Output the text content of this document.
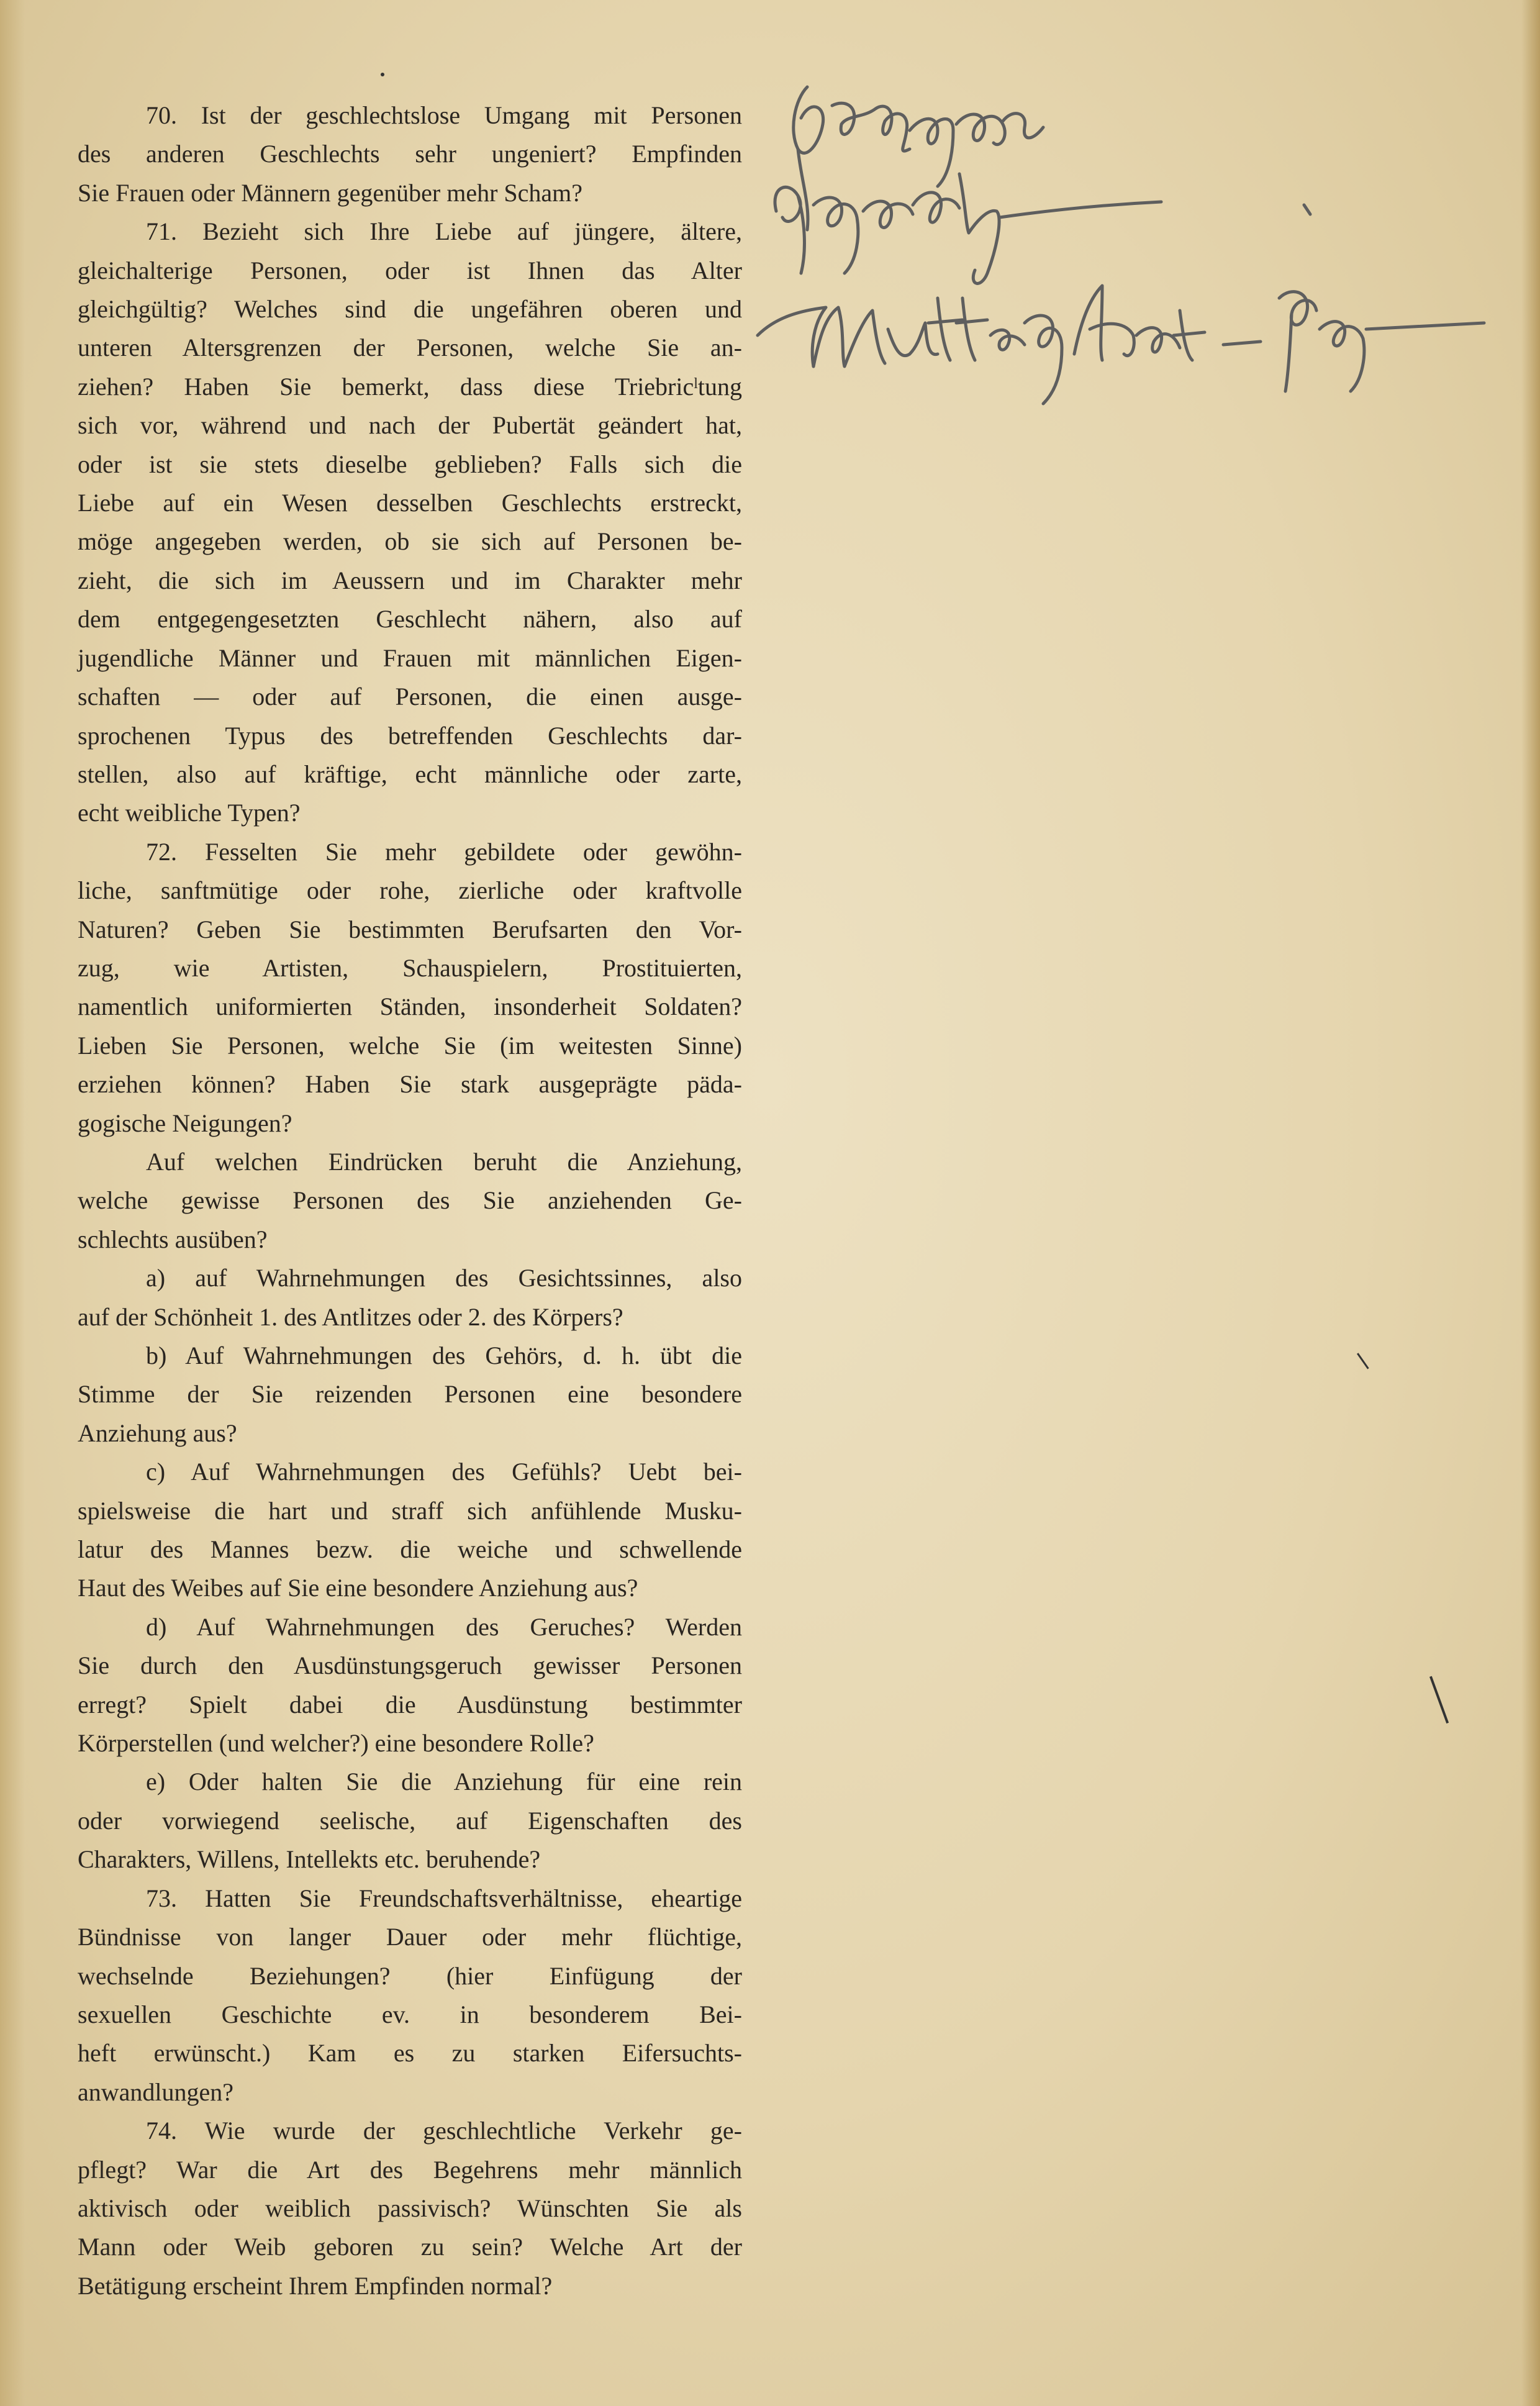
70. Ist der geschlechtslose Umgang mit Personen

des anderen Geschlechts sehr ungeniert? Empfinden

Sie Frauen oder Männern gegenüber mehr Scham?

71. Bezieht sich Ihre Liebe auf jüngere, ältere,

gleichalterige Personen, oder ist Ihnen das Alter

gleichgültig? Welches sind die ungefähren oberen und

unteren Altersgrenzen der Personen, welche Sie an-

ziehen? Haben Sie bemerkt, dass diese Triebricˡtung

sich vor, während und nach der Pubertät geändert hat,

oder ist sie stets dieselbe geblieben? Falls sich die

Liebe auf ein Wesen desselben Geschlechts erstreckt,

möge angegeben werden, ob sie sich auf Personen be-

zieht, die sich im Aeussern und im Charakter mehr

dem entgegengesetzten Geschlecht nähern, also auf

jugendliche Männer und Frauen mit männlichen Eigen-

schaften — oder auf Personen, die einen ausge-

sprochenen Typus des betreffenden Geschlechts dar-

stellen, also auf kräftige, echt männliche oder zarte,

echt weibliche Typen?

72. Fesselten Sie mehr gebildete oder gewöhn-

liche, sanftmütige oder rohe, zierliche oder kraftvolle

Naturen? Geben Sie bestimmten Berufsarten den Vor-

zug, wie Artisten, Schauspielern, Prostituierten,

namentlich uniformierten Ständen, insonderheit Soldaten?

Lieben Sie Personen, welche Sie (im weitesten Sinne)

erziehen können? Haben Sie stark ausgeprägte päda-

gogische Neigungen?

Auf welchen Eindrücken beruht die Anziehung,

welche gewisse Personen des Sie anziehenden Ge-

schlechts ausüben?

a) auf Wahrnehmungen des Gesichtssinnes, also

auf der Schönheit 1. des Antlitzes oder 2. des Körpers?

b) Auf Wahrnehmungen des Gehörs, d. h. übt die

Stimme der Sie reizenden Personen eine besondere

Anziehung aus?

c) Auf Wahrnehmungen des Gefühls? Uebt bei-

spielsweise die hart und straff sich anfühlende Musku-

latur des Mannes bezw. die weiche und schwellende

Haut des Weibes auf Sie eine besondere Anziehung aus?

d) Auf Wahrnehmungen des Geruches? Werden

Sie durch den Ausdünstungsgeruch gewisser Personen

erregt? Spielt dabei die Ausdünstung bestimmter

Körperstellen (und welcher?) eine besondere Rolle?

e) Oder halten Sie die Anziehung für eine rein

oder vorwiegend seelische, auf Eigenschaften des

Charakters, Willens, Intellekts etc. beruhende?

73. Hatten Sie Freundschaftsverhältnisse, eheartige

Bündnisse von langer Dauer oder mehr flüchtige,

wechselnde Beziehungen? (hier Einfügung der

sexuellen Geschichte ev. in besonderem Bei-

heft erwünscht.) Kam es zu starken Eifersuchts-

anwandlungen?

74. Wie wurde der geschlechtliche Verkehr ge-

pflegt? War die Art des Begehrens mehr männlich

aktivisch oder weiblich passivisch? Wünschten Sie als

Mann oder Weib geboren zu sein? Welche Art der

Betätigung erscheint Ihrem Empfinden normal?
